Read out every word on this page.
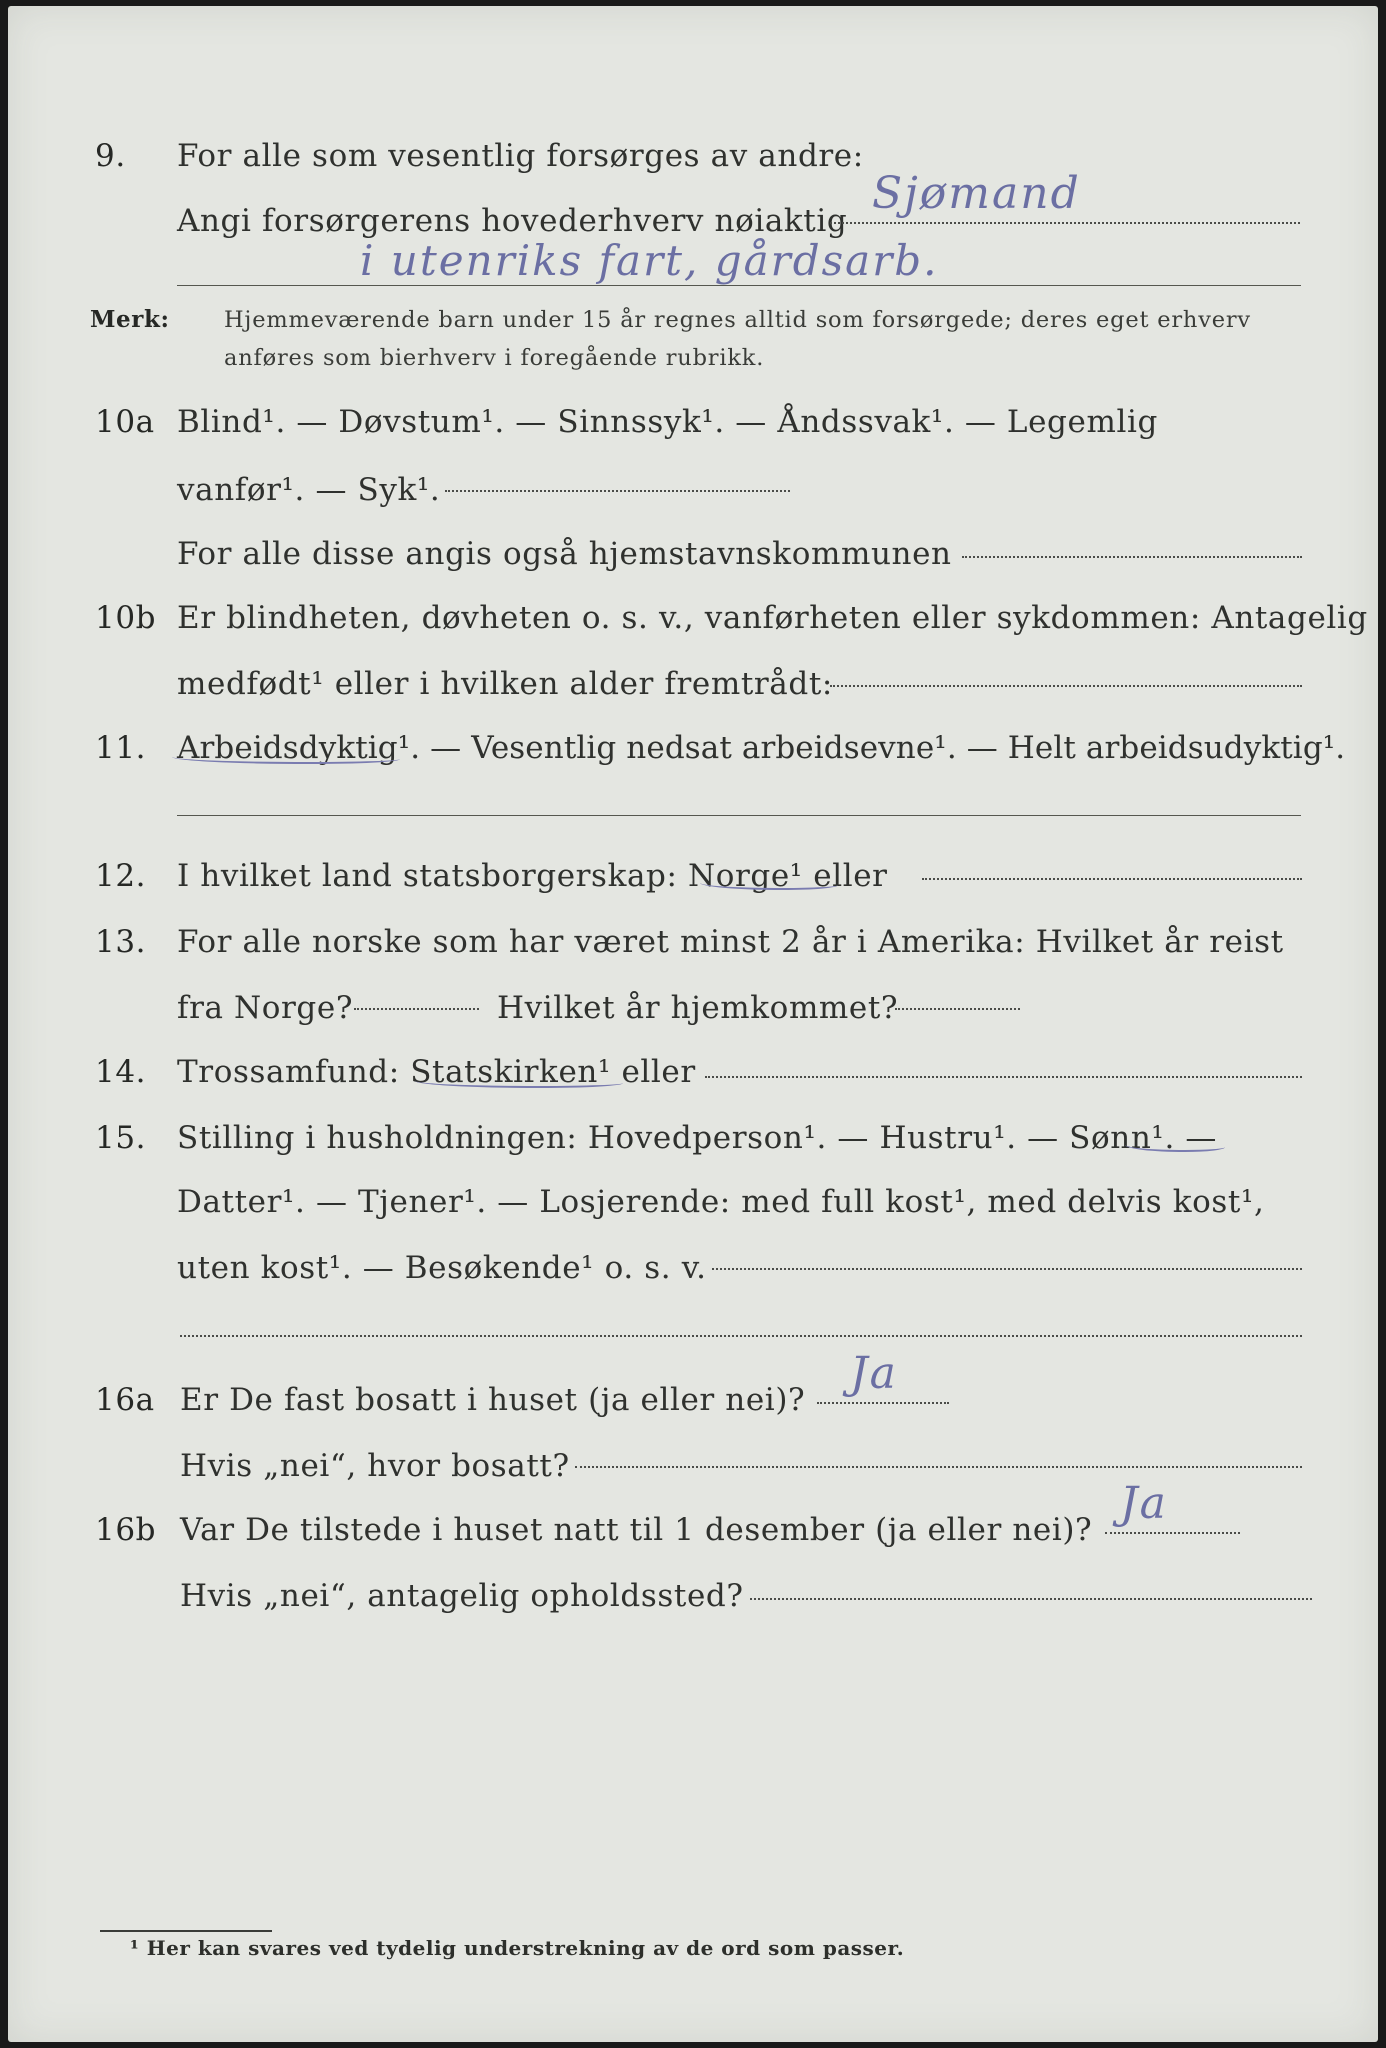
9. For alle som vesentlig forsørges av andre:
Angi forsørgerens hovederhverv nøiaktig
Sjømand
i utenriks fart, gårdsarb.
Merk: Hjemmeværende barn under 15 år regnes alltid som forsørgede; deres eget erhverv
anføres som bierhverv i foregående rubrikk.
10a Blind¹. — Døvstum¹. — Sinnssyk¹. — Åndssvak¹. — Legemlig
vanfør¹. — Syk¹.
For alle disse angis også hjemstavnskommunen
10b Er blindheten, døvheten o. s. v., vanførheten eller sykdommen: Antagelig
medfødt¹ eller i hvilken alder fremtrådt:
11. Arbeidsdyktig¹. — Vesentlig nedsat arbeidsevne¹. — Helt arbeidsudyktig¹.
12. I hvilket land statsborgerskap: Norge¹ eller
13. For alle norske som har været minst 2 år i Amerika: Hvilket år reist
fra Norge?	Hvilket år hjemkommet?
14. Trossamfund: Statskirken¹ eller
15. Stilling i husholdningen: Hovedperson¹. — Hustru¹. — Sønn¹. —
Datter¹. — Tjener¹. — Losjerende: med full kost¹, med delvis kost¹,
uten kost¹. — Besøkende¹ o. s. v.
16a Er De fast bosatt i huset (ja eller nei)?
Ja
Hvis „nei“, hvor bosatt?
16b Var De tilstede i huset natt til 1 desember (ja eller nei)?
Ja
Hvis „nei“, antagelig opholdssted?
¹ Her kan svares ved tydelig understrekning av de ord som passer.
